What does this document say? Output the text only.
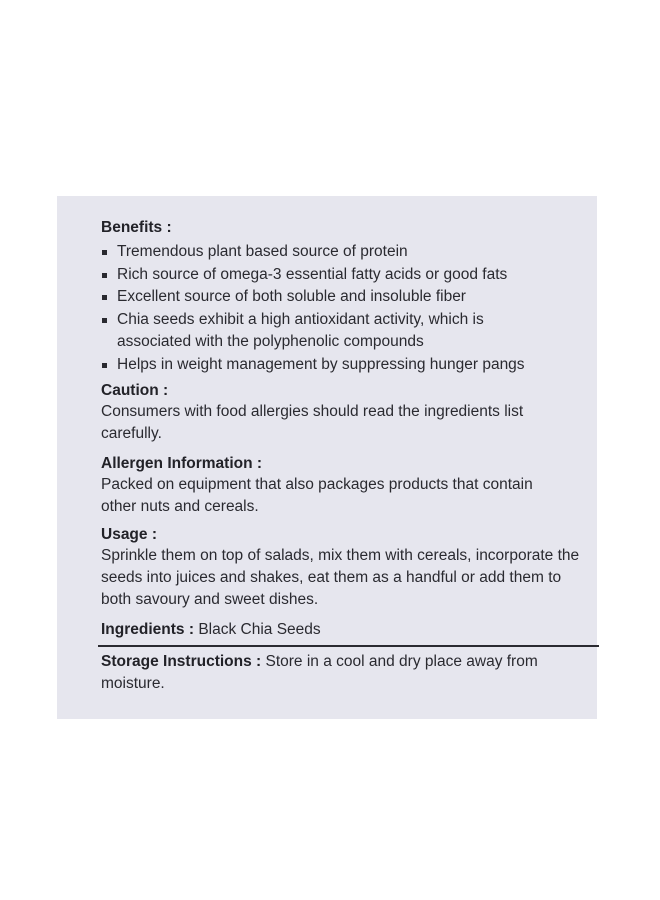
Benefits :

Tremendous plant based source of protein
Rich source of omega-3 essential fatty acids or good fats
Excellent source of both soluble and insoluble fiber
Chia seeds exhibit a high antioxidant activity, which is associated with the polyphenolic compounds
Helps in weight management by suppressing hunger pangs

Caution :

Consumers with food allergies should read the ingredients list carefully.

Allergen Information :

Packed on equipment that also packages products that contain other nuts and cereals.

Usage :

Sprinkle them on top of salads, mix them with cereals, incorporate the seeds into juices and shakes, eat them as a handful or add them to both savoury and sweet dishes.

Ingredients : Black Chia Seeds
Storage Instructions : Store in a cool and dry place away from moisture.
